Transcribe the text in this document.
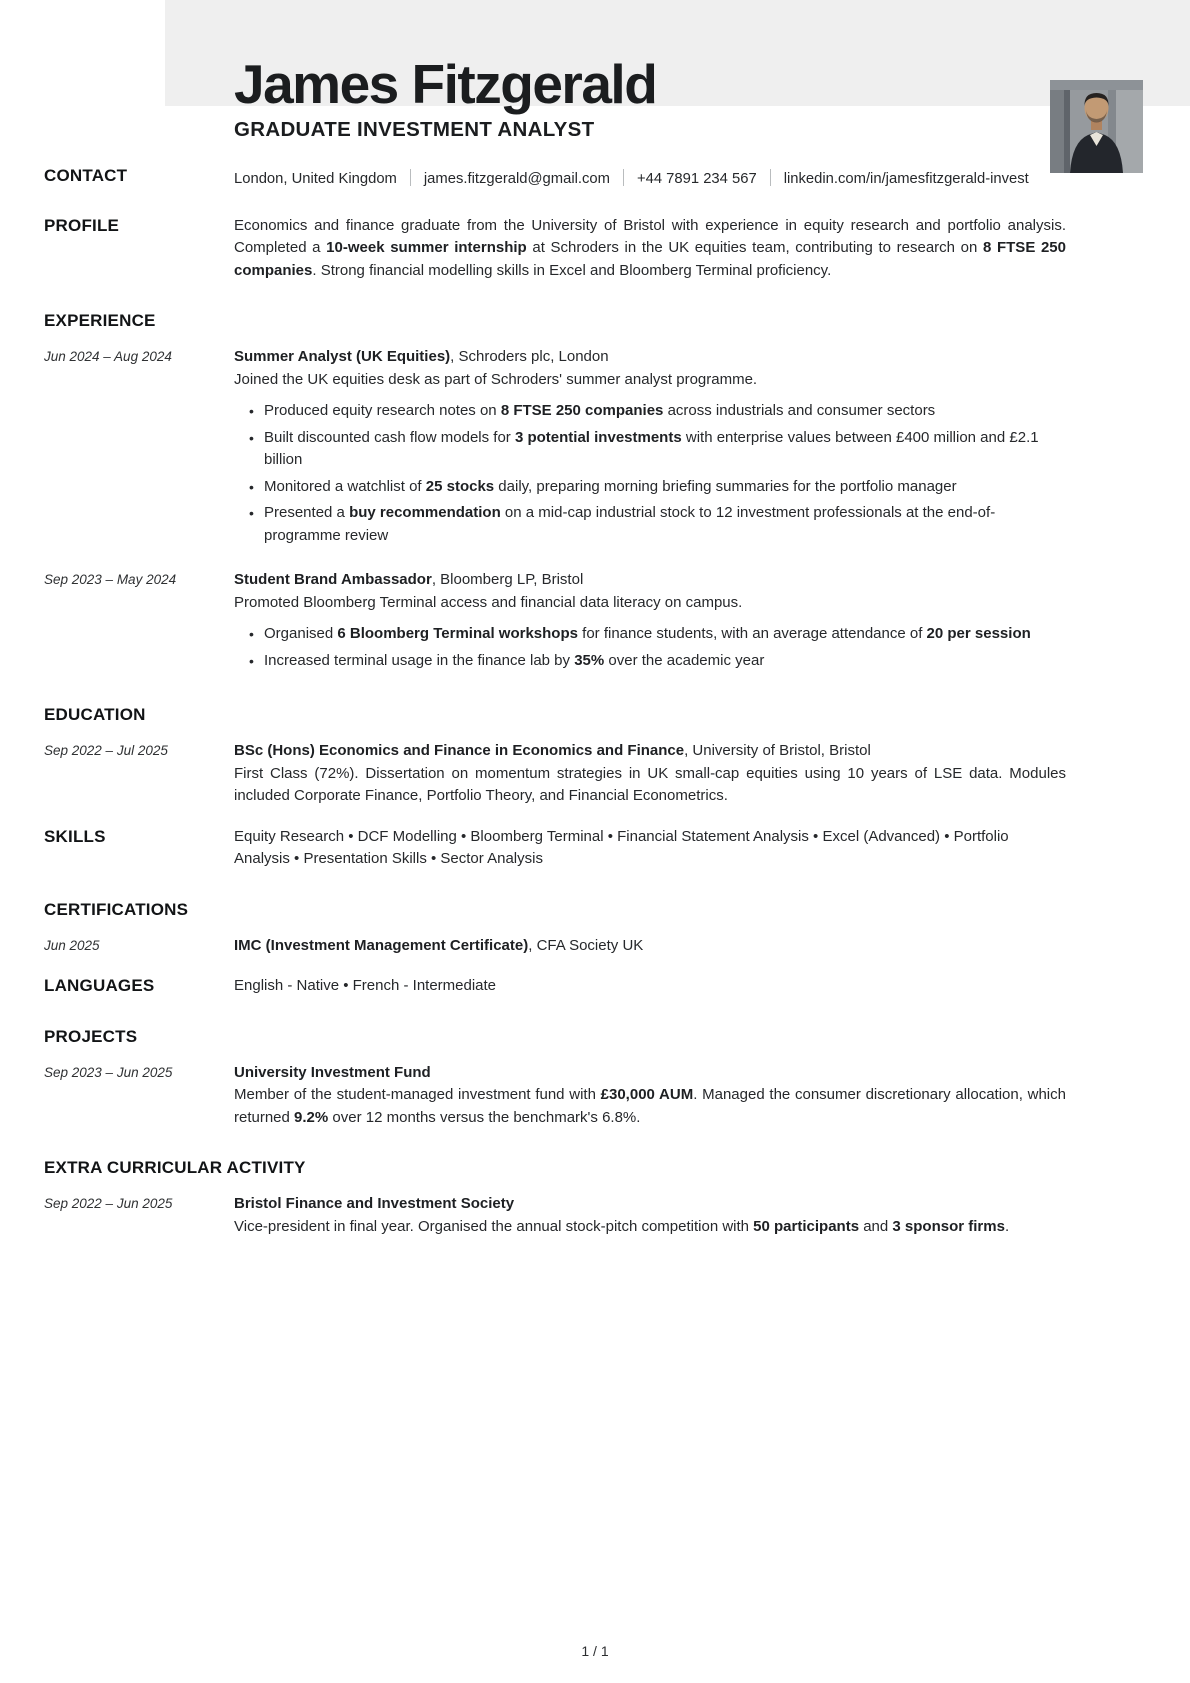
James Fitzgerald
GRADUATE INVESTMENT ANALYST
CONTACT	London, United Kingdom james.fitzgerald@gmail.com +44 7891 234 567 linkedin.com/in/jamesfitzgerald-invest
PROFILE	Economics and finance graduate from the University of Bristol with experience in equity research and portfolio analysis. Completed a 10-week summer internship at Schroders in the UK equities team, contributing to research on 8 FTSE 250 companies. Strong financial modelling skills in Excel and Bloomberg Terminal proficiency.
EXPERIENCE
Jun 2024 – Aug 2024	Summer Analyst (UK Equities), Schroders plc, London
Joined the UK equities desk as part of Schroders' summer analyst programme.
• Produced equity research notes on 8 FTSE 250 companies across industrials and consumer sectors
• Built discounted cash flow models for 3 potential investments with enterprise values between £400 million and £2.1 billion
• Monitored a watchlist of 25 stocks daily, preparing morning briefing summaries for the portfolio manager
• Presented a buy recommendation on a mid-cap industrial stock to 12 investment professionals at the end-of-programme review
Sep 2023 – May 2024	Student Brand Ambassador, Bloomberg LP, Bristol
Promoted Bloomberg Terminal access and financial data literacy on campus.
• Organised 6 Bloomberg Terminal workshops for finance students, with an average attendance of 20 per session
• Increased terminal usage in the finance lab by 35% over the academic year
EDUCATION
Sep 2022 – Jul 2025	BSc (Hons) Economics and Finance in Economics and Finance, University of Bristol, Bristol
First Class (72%). Dissertation on momentum strategies in UK small-cap equities using 10 years of LSE data. Modules included Corporate Finance, Portfolio Theory, and Financial Econometrics.
SKILLS	Equity Research • DCF Modelling • Bloomberg Terminal • Financial Statement Analysis • Excel (Advanced) • Portfolio Analysis • Presentation Skills • Sector Analysis
CERTIFICATIONS
Jun 2025	IMC (Investment Management Certificate), CFA Society UK
LANGUAGES	English - Native • French - Intermediate
PROJECTS
Sep 2023 – Jun 2025	University Investment Fund
Member of the student-managed investment fund with £30,000 AUM. Managed the consumer discretionary allocation, which returned 9.2% over 12 months versus the benchmark's 6.8%.
EXTRA CURRICULAR ACTIVITY
Sep 2022 – Jun 2025	Bristol Finance and Investment Society
Vice-president in final year. Organised the annual stock-pitch competition with 50 participants and 3 sponsor firms.
1 / 1
